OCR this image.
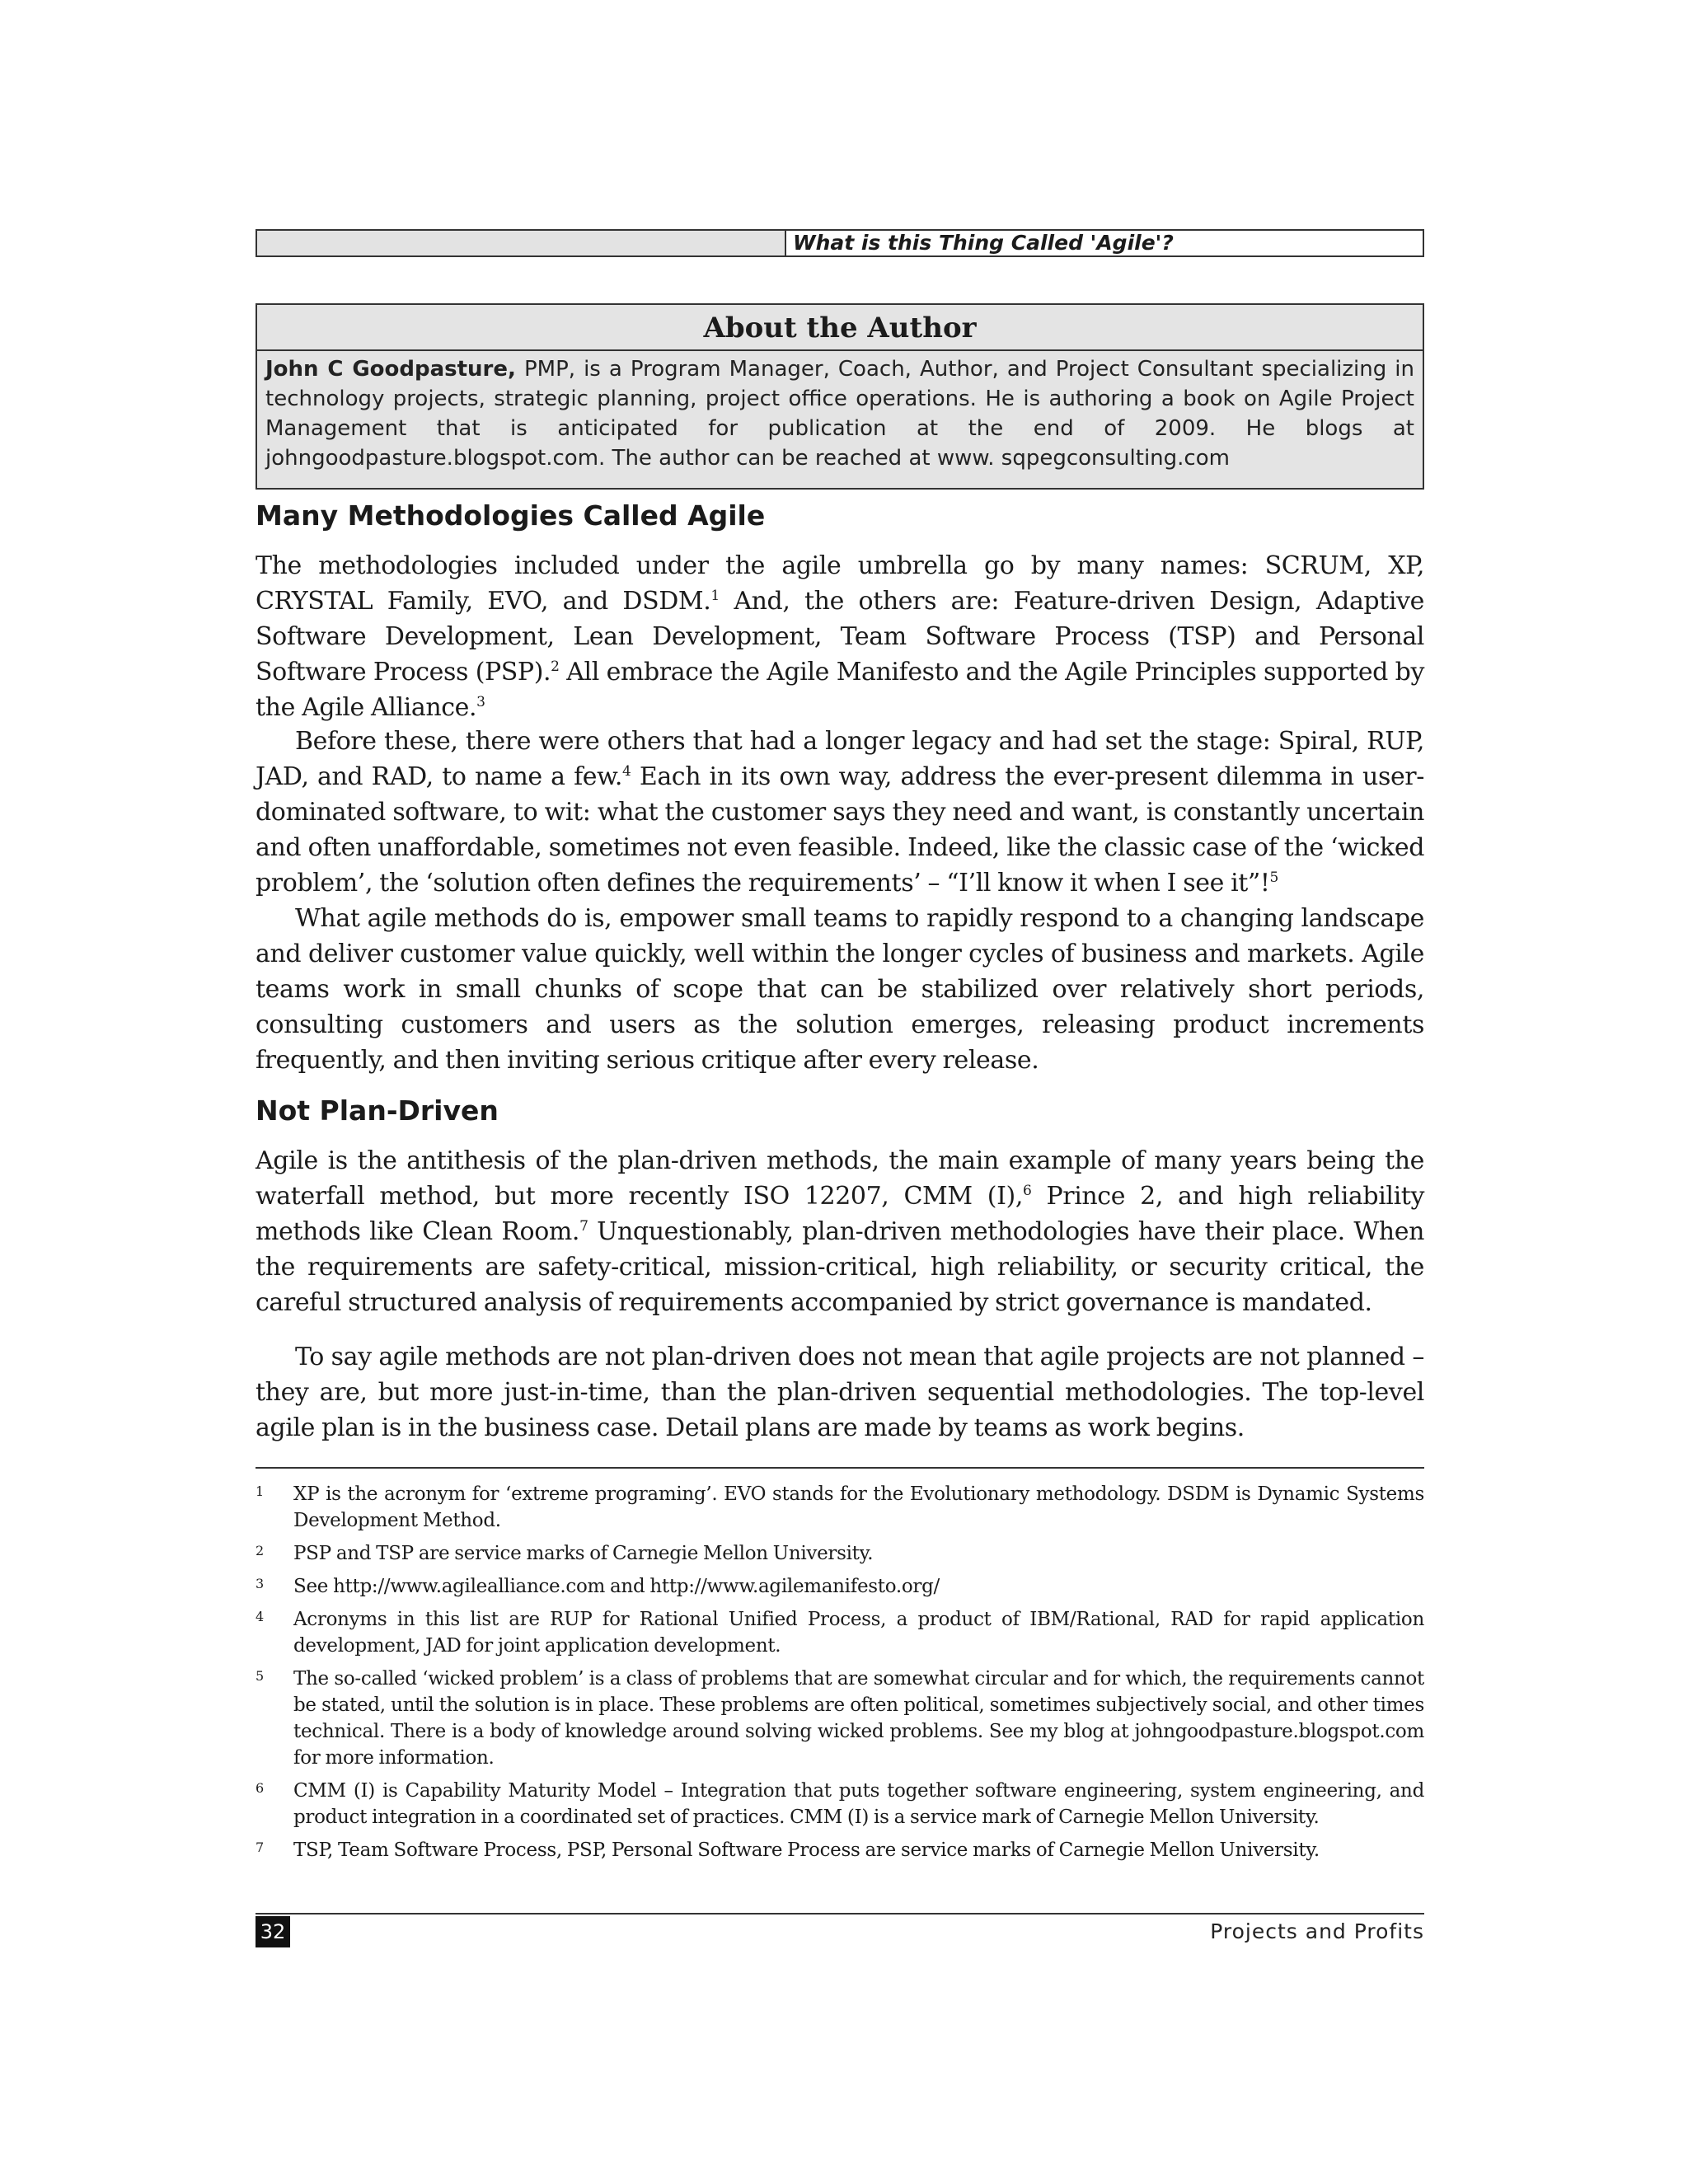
What is this Thing Called 'Agile'?
About the Author
John C Goodpasture, PMP, is a Program Manager, Coach, Author, and Project Consultant specializing in technology projects, strategic planning, project office operations. He is authoring a book on Agile Project Management that is anticipated for publication at the end of 2009. He blogs at johngoodpasture.blogspot.com. The author can be reached at www. sqpegconsulting.com
Many Methodologies Called Agile

The methodologies included under the agile umbrella go by many names: SCRUM, XP, CRYSTAL Family, EVO, and DSDM.$^1$ And, the others are: Feature-driven Design, Adaptive Software Development, Lean Development, Team Software Process (TSP) and Personal Software Process (PSP).$^2$ All embrace the Agile Manifesto and the Agile Principles supported by the Agile Alliance.$^3$

Before these, there were others that had a longer legacy and had set the stage: Spiral, RUP, JAD, and RAD, to name a few.$^4$ Each in its own way, address the ever-present dilemma in user-dominated software, to wit: what the customer says they need and want, is constantly uncertain and often unaffordable, sometimes not even feasible. Indeed, like the classic case of the ‘wicked problem’, the ‘solution often defines the requirements’ – “I’ll know it when I see it”!$^5$

What agile methods do is, empower small teams to rapidly respond to a changing landscape and deliver customer value quickly, well within the longer cycles of business and markets. Agile teams work in small chunks of scope that can be stabilized over relatively short periods, consulting customers and users as the solution emerges, releasing product increments frequently, and then inviting serious critique after every release.

Not Plan-Driven

Agile is the antithesis of the plan-driven methods, the main example of many years being the waterfall method, but more recently ISO 12207, CMM (I),$^6$ Prince 2, and high reliability methods like Clean Room.$^7$ Unquestionably, plan-driven methodologies have their place. When the requirements are safety-critical, mission-critical, high reliability, or security critical, the careful structured analysis of requirements accompanied by strict governance is mandated.

To say agile methods are not plan-driven does not mean that agile projects are not planned – they are, but more just-in-time, than the plan-driven sequential methodologies. The top-level agile plan is in the business case. Detail plans are made by teams as work begins.

1	XP is the acronym for ‘extreme programing’. EVO stands for the Evolutionary methodology. DSDM is Dynamic Systems Development Method.
2	PSP and TSP are service marks of Carnegie Mellon University.
3	See http://www.agilealliance.com and http://www.agilemanifesto.org/
4	Acronyms in this list are RUP for Rational Unified Process, a product of IBM/Rational, RAD for rapid application development, JAD for joint application development.
5	The so-called ‘wicked problem’ is a class of problems that are somewhat circular and for which, the requirements cannot be stated, until the solution is in place. These problems are often political, sometimes subjectively social, and other times technical. There is a body of knowledge around solving wicked problems. See my blog at johngoodpasture.blogspot.com for more information.
6	CMM (I) is Capability Maturity Model – Integration that puts together software engineering, system engineering, and product integration in a coordinated set of practices. CMM (I) is a service mark of Carnegie Mellon University.
7	TSP, Team Software Process, PSP, Personal Software Process are service marks of Carnegie Mellon University.
32	Projects and Profits
